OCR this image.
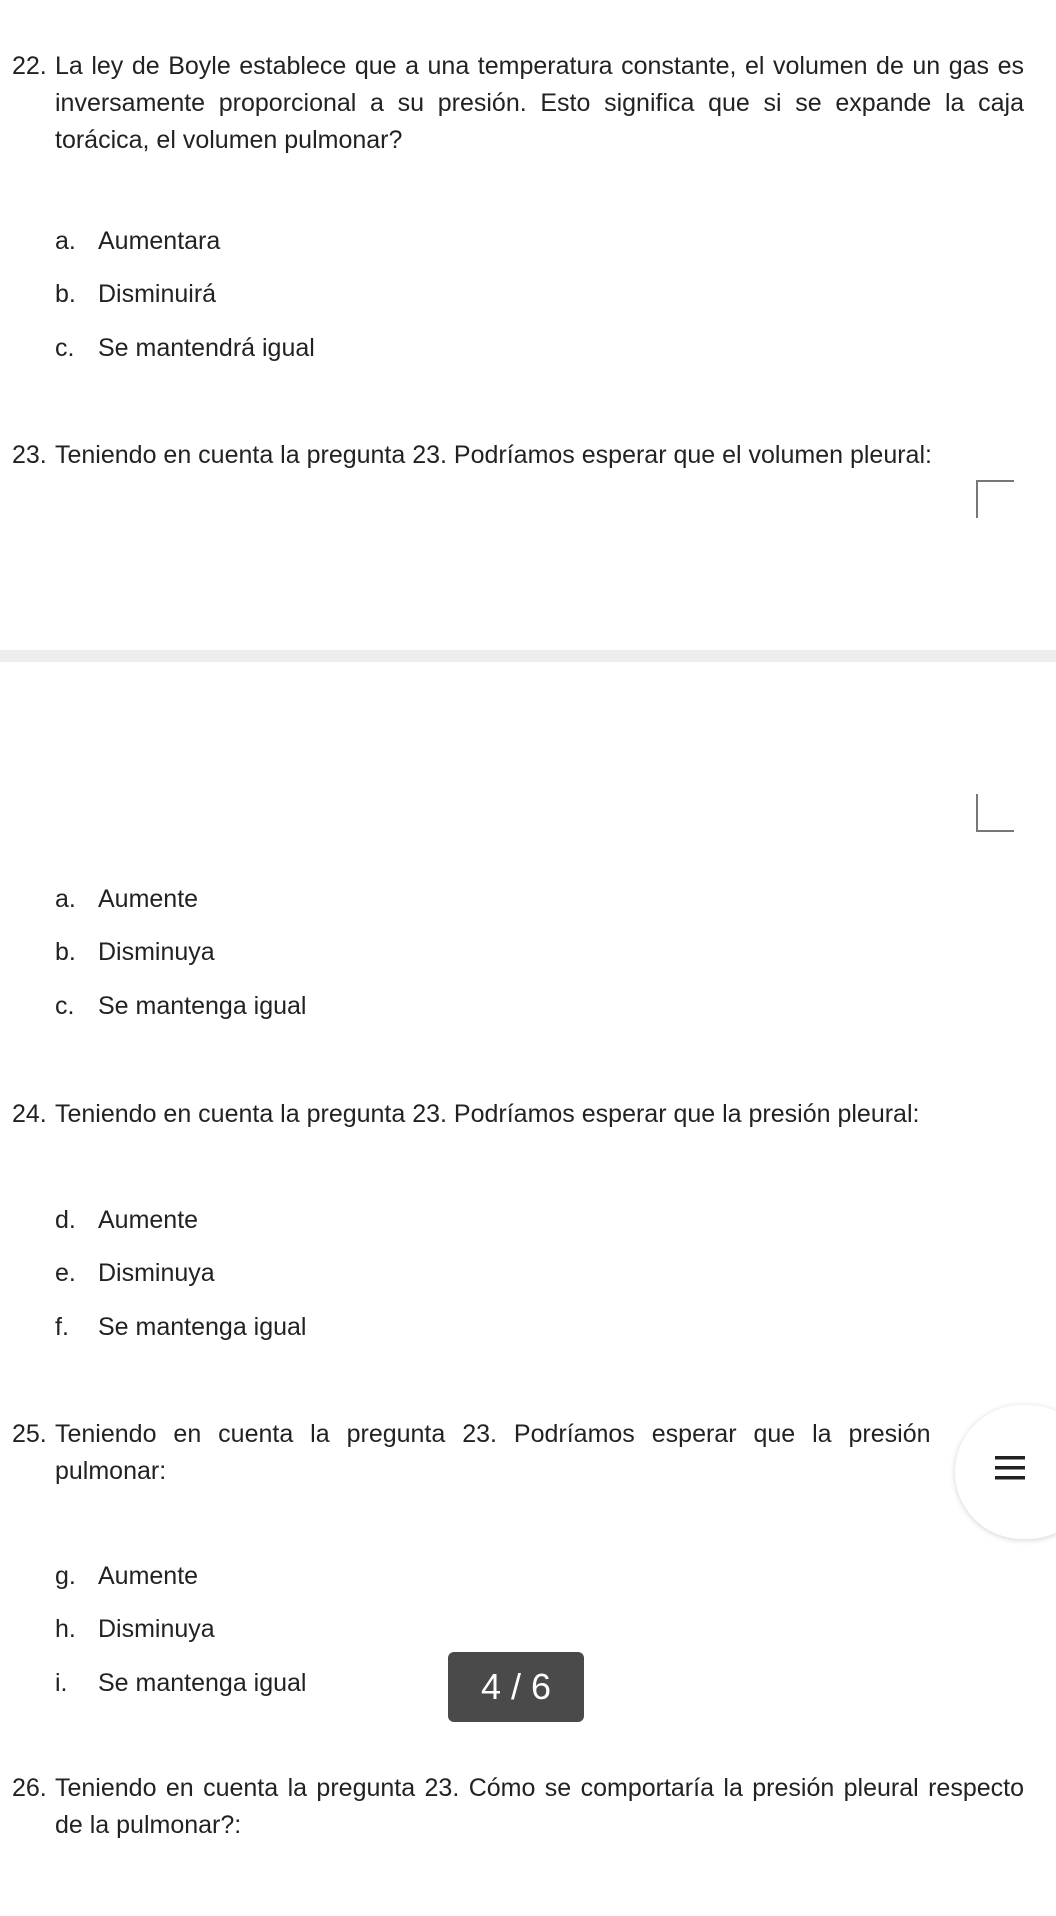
22. La ley de Boyle establece que a una temperatura constante, el volumen de un gas es inversamente proporcional a su presión. Esto significa que si se expande la caja torácica, el volumen pulmonar?
a. Aumentara
b. Disminuirá
c. Se mantendrá igual
23. Teniendo en cuenta la pregunta 23. Podríamos esperar que el volumen pleural:
a. Aumente
b. Disminuya
c. Se mantenga igual
24. Teniendo en cuenta la pregunta 23. Podríamos esperar que la presión pleural:
d. Aumente
e. Disminuya
f. Se mantenga igual
25. Teniendo en cuenta la pregunta 23. Podríamos esperar que la presión
pulmonar:
g. Aumente
h. Disminuya
i. Se mantenga igual
26. Teniendo en cuenta la pregunta 23. Cómo se comportaría la presión pleural respecto de la pulmonar?:
4 / 6
